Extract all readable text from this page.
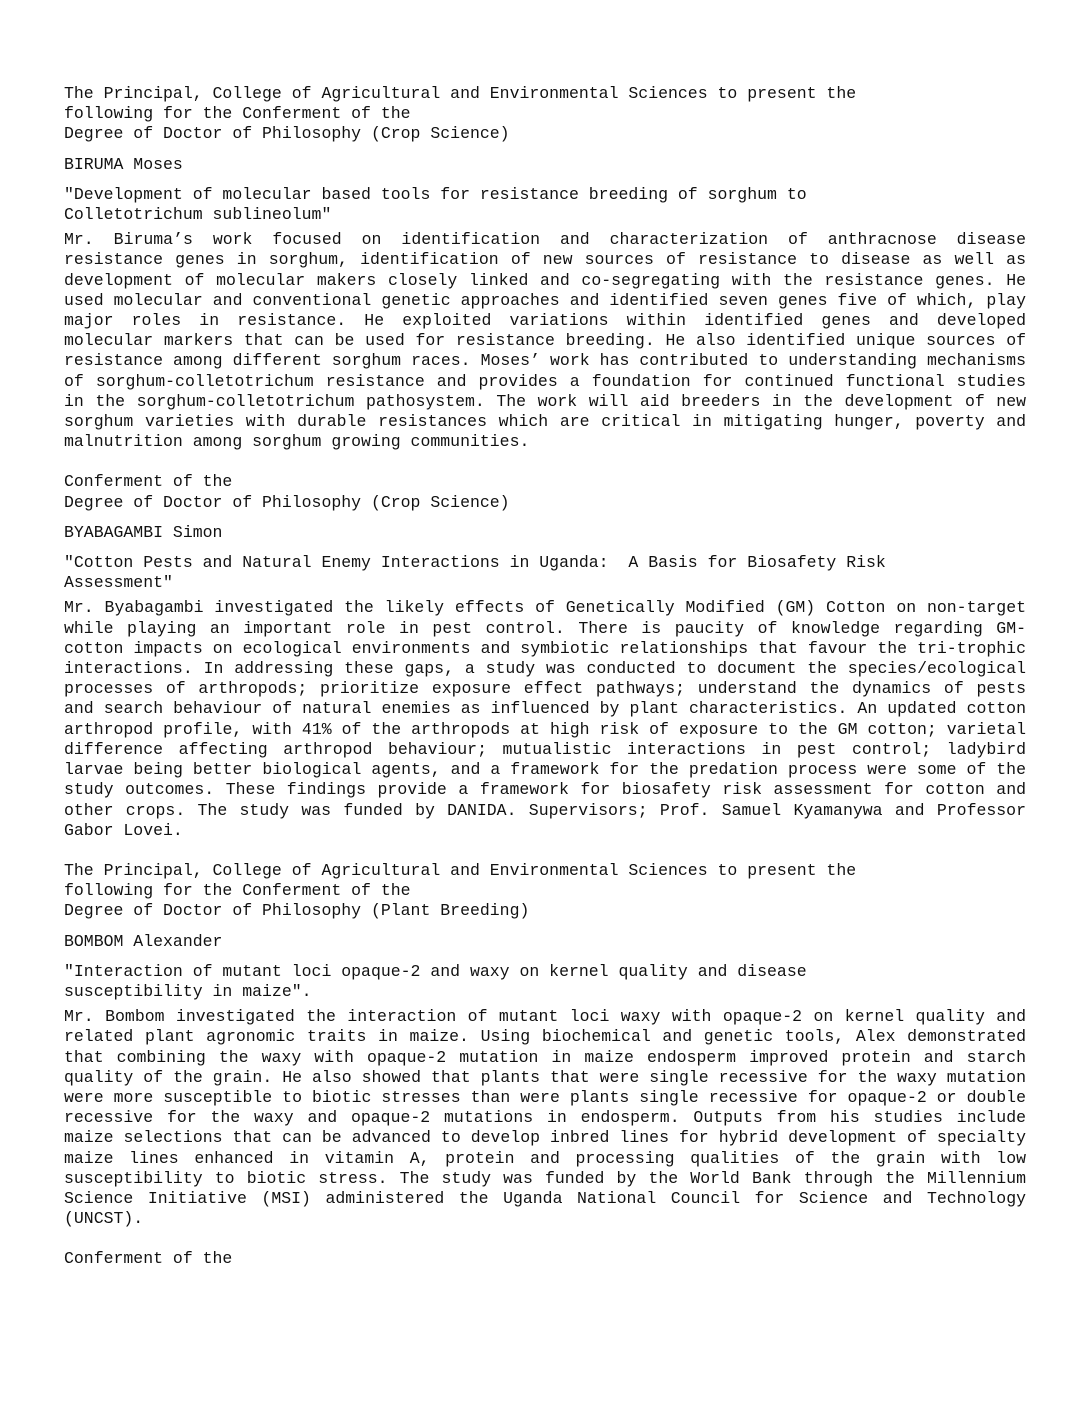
The Principal, College of Agricultural and Environmental Sciences to present the

following for the Conferment of the

Degree of Doctor of Philosophy (Crop Science)

BIRUMA Moses

"Development of molecular based tools for resistance breeding of sorghum to

Colletotrichum sublineolum"

Mr. Biruma’s work focused on identification and characterization of anthracnose disease resistance genes in sorghum, identification of new sources of resistance to disease as well as development of molecular makers closely linked and co-segregating with the resistance genes. He used molecular and conventional genetic approaches and identified seven genes five of which, play major roles in resistance. He exploited variations within identified genes and developed molecular markers that can be used for resistance breeding. He also identified unique sources of resistance among different sorghum races. Moses’ work has contributed to understanding mechanisms of sorghum-colletotrichum resistance and provides a foundation for continued functional studies in the sorghum-colletotrichum pathosystem. The work will aid breeders in the development of new sorghum varieties with durable resistances which are critical in mitigating hunger, poverty and malnutrition among sorghum growing communities.

Conferment of the

Degree of Doctor of Philosophy (Crop Science)

BYABAGAMBI Simon

"Cotton Pests and Natural Enemy Interactions in Uganda:  A Basis for Biosafety Risk

Assessment"

Mr. Byabagambi investigated the likely effects of Genetically Modified (GM) Cotton on non-target while playing an important role in pest control. There is paucity of knowledge regarding GM-cotton impacts on ecological environments and symbiotic relationships that favour the tri-trophic interactions. In addressing these gaps, a study was conducted to document the species/ecological processes of arthropods; prioritize exposure effect pathways; understand the dynamics of pests and search behaviour of natural enemies as influenced by plant characteristics. An updated cotton arthropod profile, with 41% of the arthropods at high risk of exposure to the GM cotton; varietal difference affecting arthropod behaviour; mutualistic interactions in pest control; ladybird larvae being better biological agents, and a framework for the predation process were some of the study outcomes. These findings provide a framework for biosafety risk assessment for cotton and other crops. The study was funded by DANIDA. Supervisors; Prof. Samuel Kyamanywa and Professor Gabor Lovei.

The Principal, College of Agricultural and Environmental Sciences to present the

following for the Conferment of the

Degree of Doctor of Philosophy (Plant Breeding)

BOMBOM Alexander

"Interaction of mutant loci opaque-2 and waxy on kernel quality and disease

susceptibility in maize".

Mr. Bombom investigated the interaction of mutant loci waxy with opaque-2 on kernel quality and related plant agronomic traits in maize. Using biochemical and genetic tools, Alex demonstrated that combining the waxy with opaque-2 mutation in maize endosperm improved protein and starch quality of the grain. He also showed that plants that were single recessive for the waxy mutation were more susceptible to biotic stresses than were plants single recessive for opaque-2 or double recessive for the waxy and opaque-2 mutations in endosperm. Outputs from his studies include maize selections that can be advanced to develop inbred lines for hybrid development of specialty maize lines enhanced in vitamin A, protein and processing qualities of the grain with low susceptibility to biotic stress. The study was funded by the World Bank through the Millennium Science Initiative (MSI) administered the Uganda National Council for Science and Technology (UNCST).

Conferment of the
